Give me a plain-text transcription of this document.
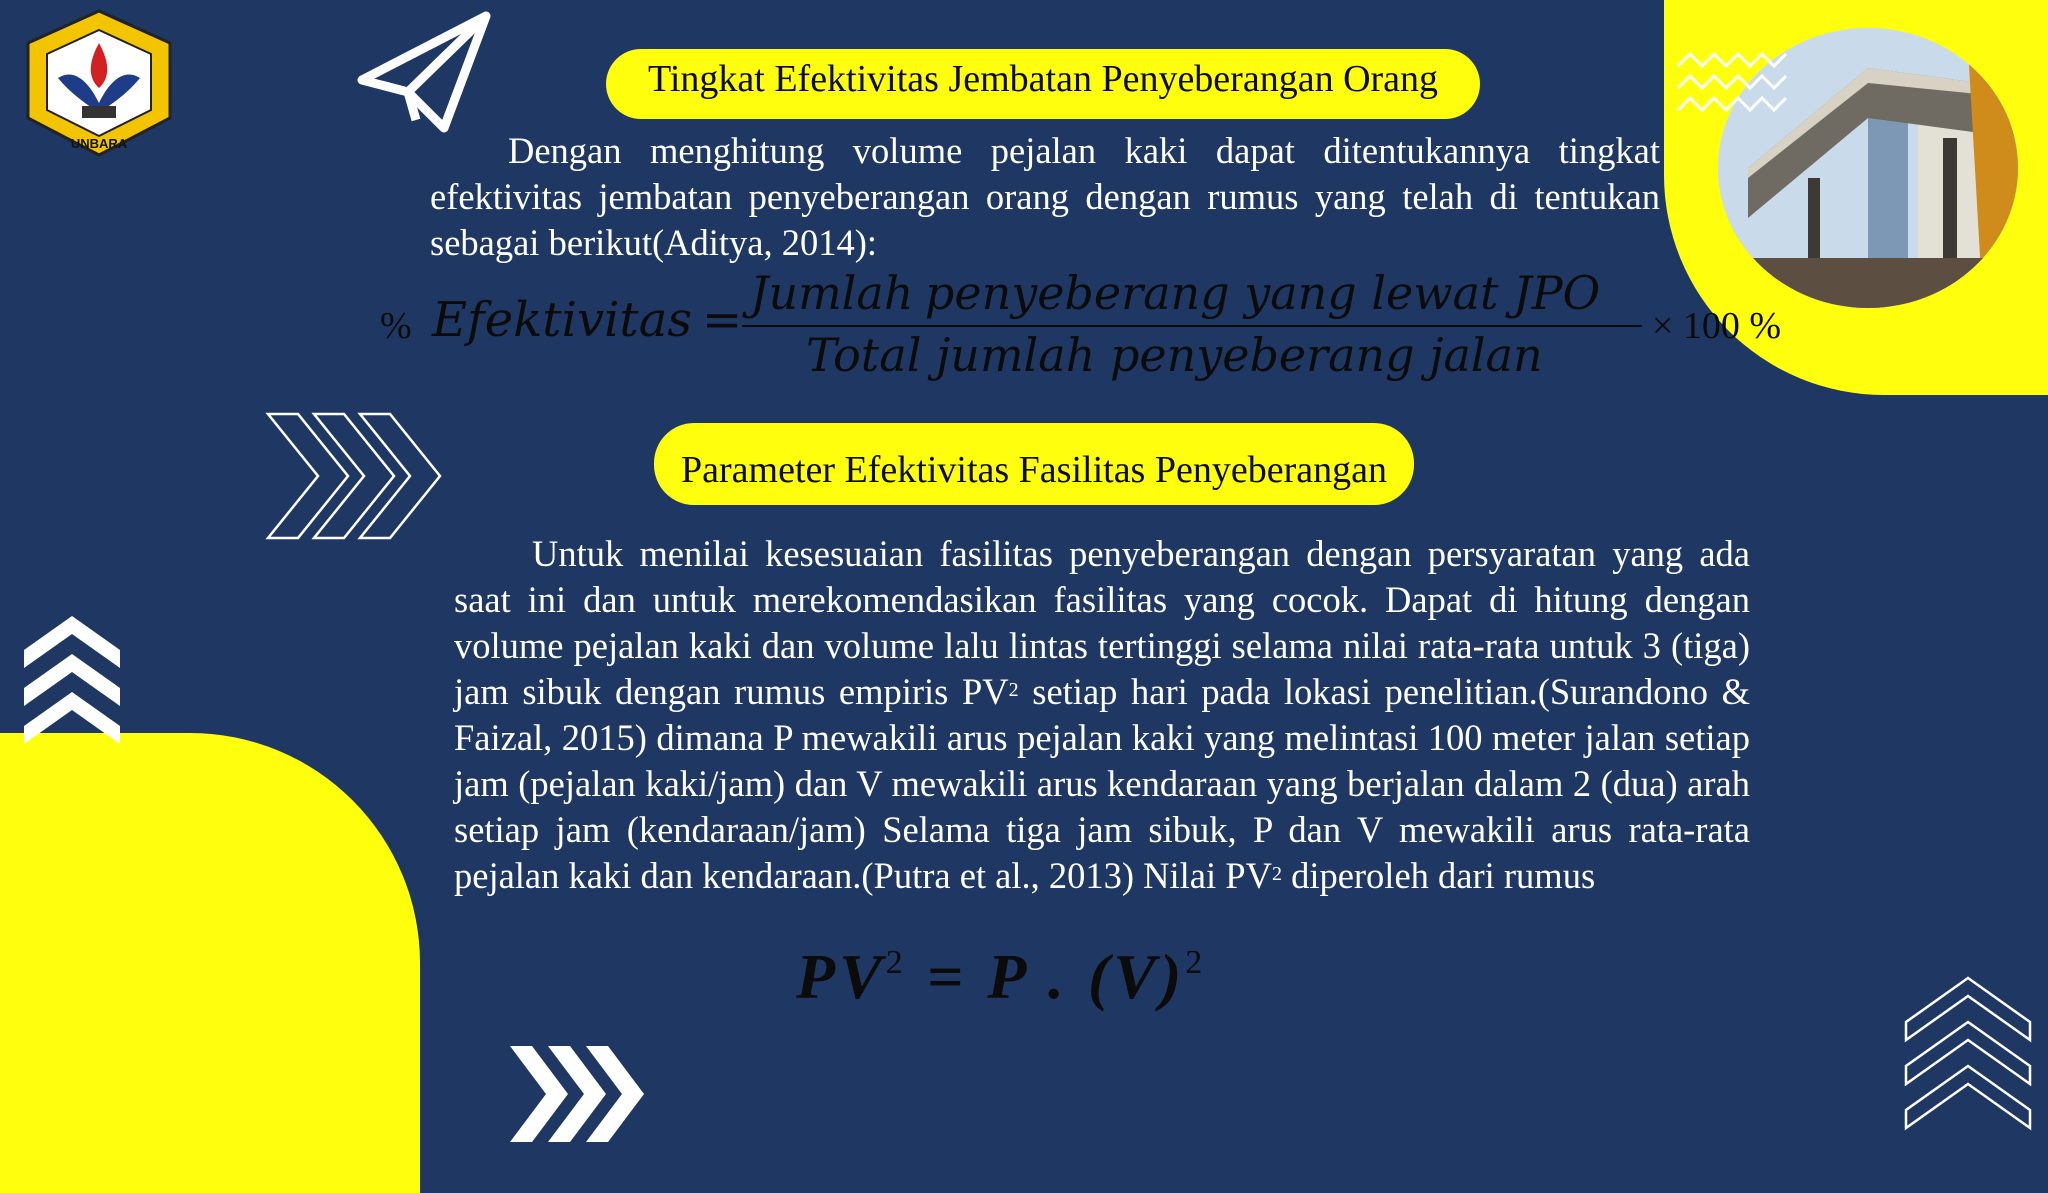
UNBARA
Tingkat Efektivitas Jembatan Penyeberangan Orang
Dengan menghitung volume pejalan kaki dapat ditentukannya tingkat efektivitas jembatan penyeberangan orang dengan rumus yang telah di tentukan sebagai berikut(Aditya, 2014):
% Efektivitas = Jumlah penyeberang yang lewat JPO
Total jumlah penyeberang jalan
× 100 %
Parameter Efektivitas Fasilitas Penyeberangan
Untuk menilai kesesuaian fasilitas penyeberangan dengan persyaratan yang ada saat ini dan untuk merekomendasikan fasilitas yang cocok. Dapat di hitung dengan volume pejalan kaki dan volume lalu lintas tertinggi selama nilai rata-rata untuk 3 (tiga) jam sibuk dengan rumus empiris $PV^2$ setiap hari pada lokasi penelitian.(Surandono & Faizal, 2015) dimana P mewakili arus pejalan kaki yang melintasi 100 meter jalan setiap jam (pejalan kaki/jam) dan V mewakili arus kendaraan yang berjalan dalam 2 (dua) arah setiap jam (kendaraan/jam) Selama tiga jam sibuk, P dan V mewakili arus rata-rata pejalan kaki dan kendaraan.(Putra et al., 2013) Nilai $PV^2$ diperoleh dari rumus
$PV^2 = P$ . $(V)^2$
